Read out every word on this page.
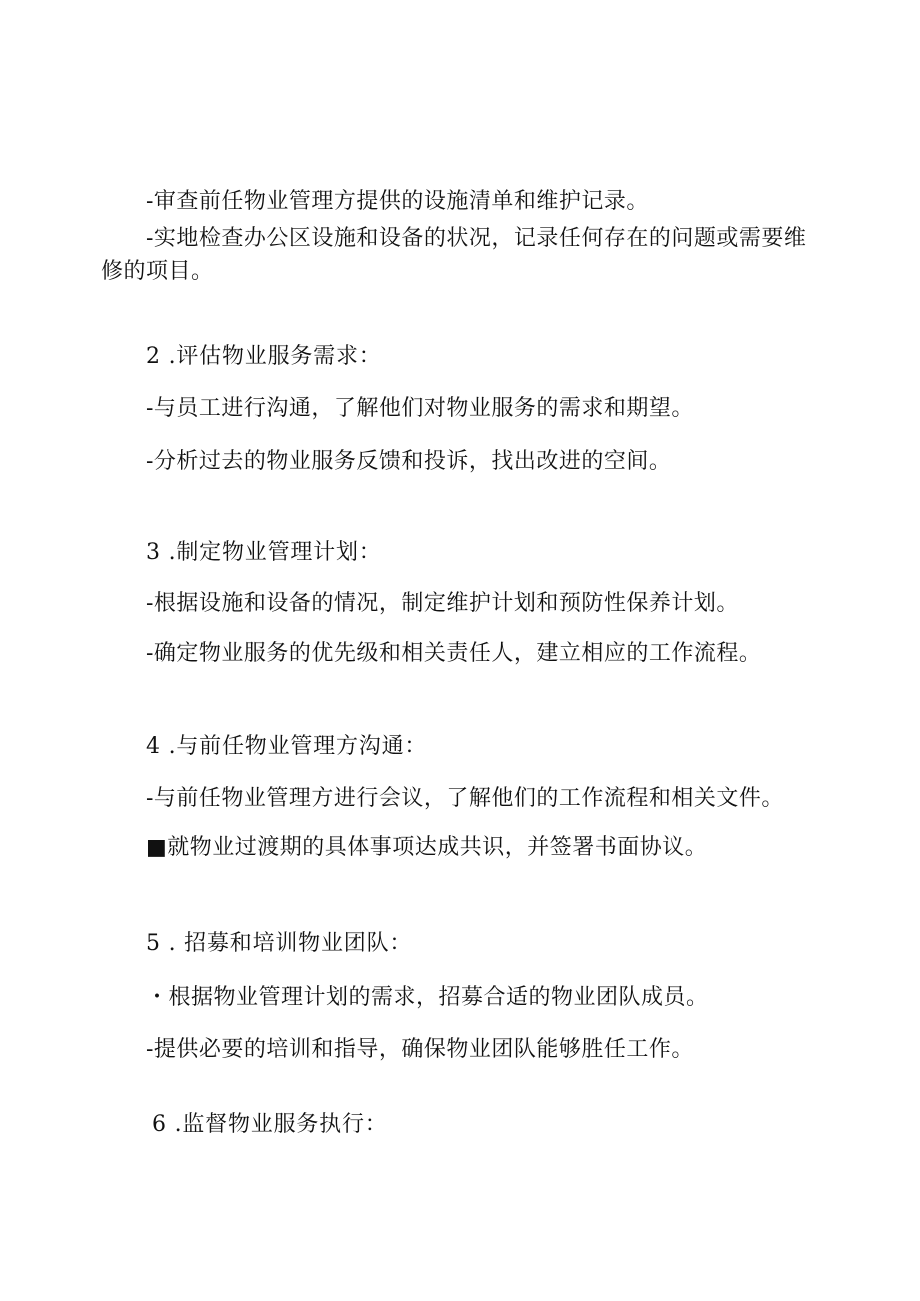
-审查前任物业管理方提供的设施清单和维护记录。
-实地检查办公区设施和设备的状况，记录任何存在的问题或需要维修的项目。
2 .评估物业服务需求：
-与员工进行沟通，了解他们对物业服务的需求和期望。
-分析过去的物业服务反馈和投诉，找出改进的空间。
3 .制定物业管理计划：
-根据设施和设备的情况，制定维护计划和预防性保养计划。
-确定物业服务的优先级和相关责任人，建立相应的工作流程。
4 .与前任物业管理方沟通：
-与前任物业管理方进行会议，了解他们的工作流程和相关文件。
■就物业过渡期的具体事项达成共识，并签署书面协议。
5 . 招募和培训物业团队：
・根据物业管理计划的需求，招募合适的物业团队成员。
-提供必要的培训和指导，确保物业团队能够胜任工作。
6 .监督物业服务执行：
